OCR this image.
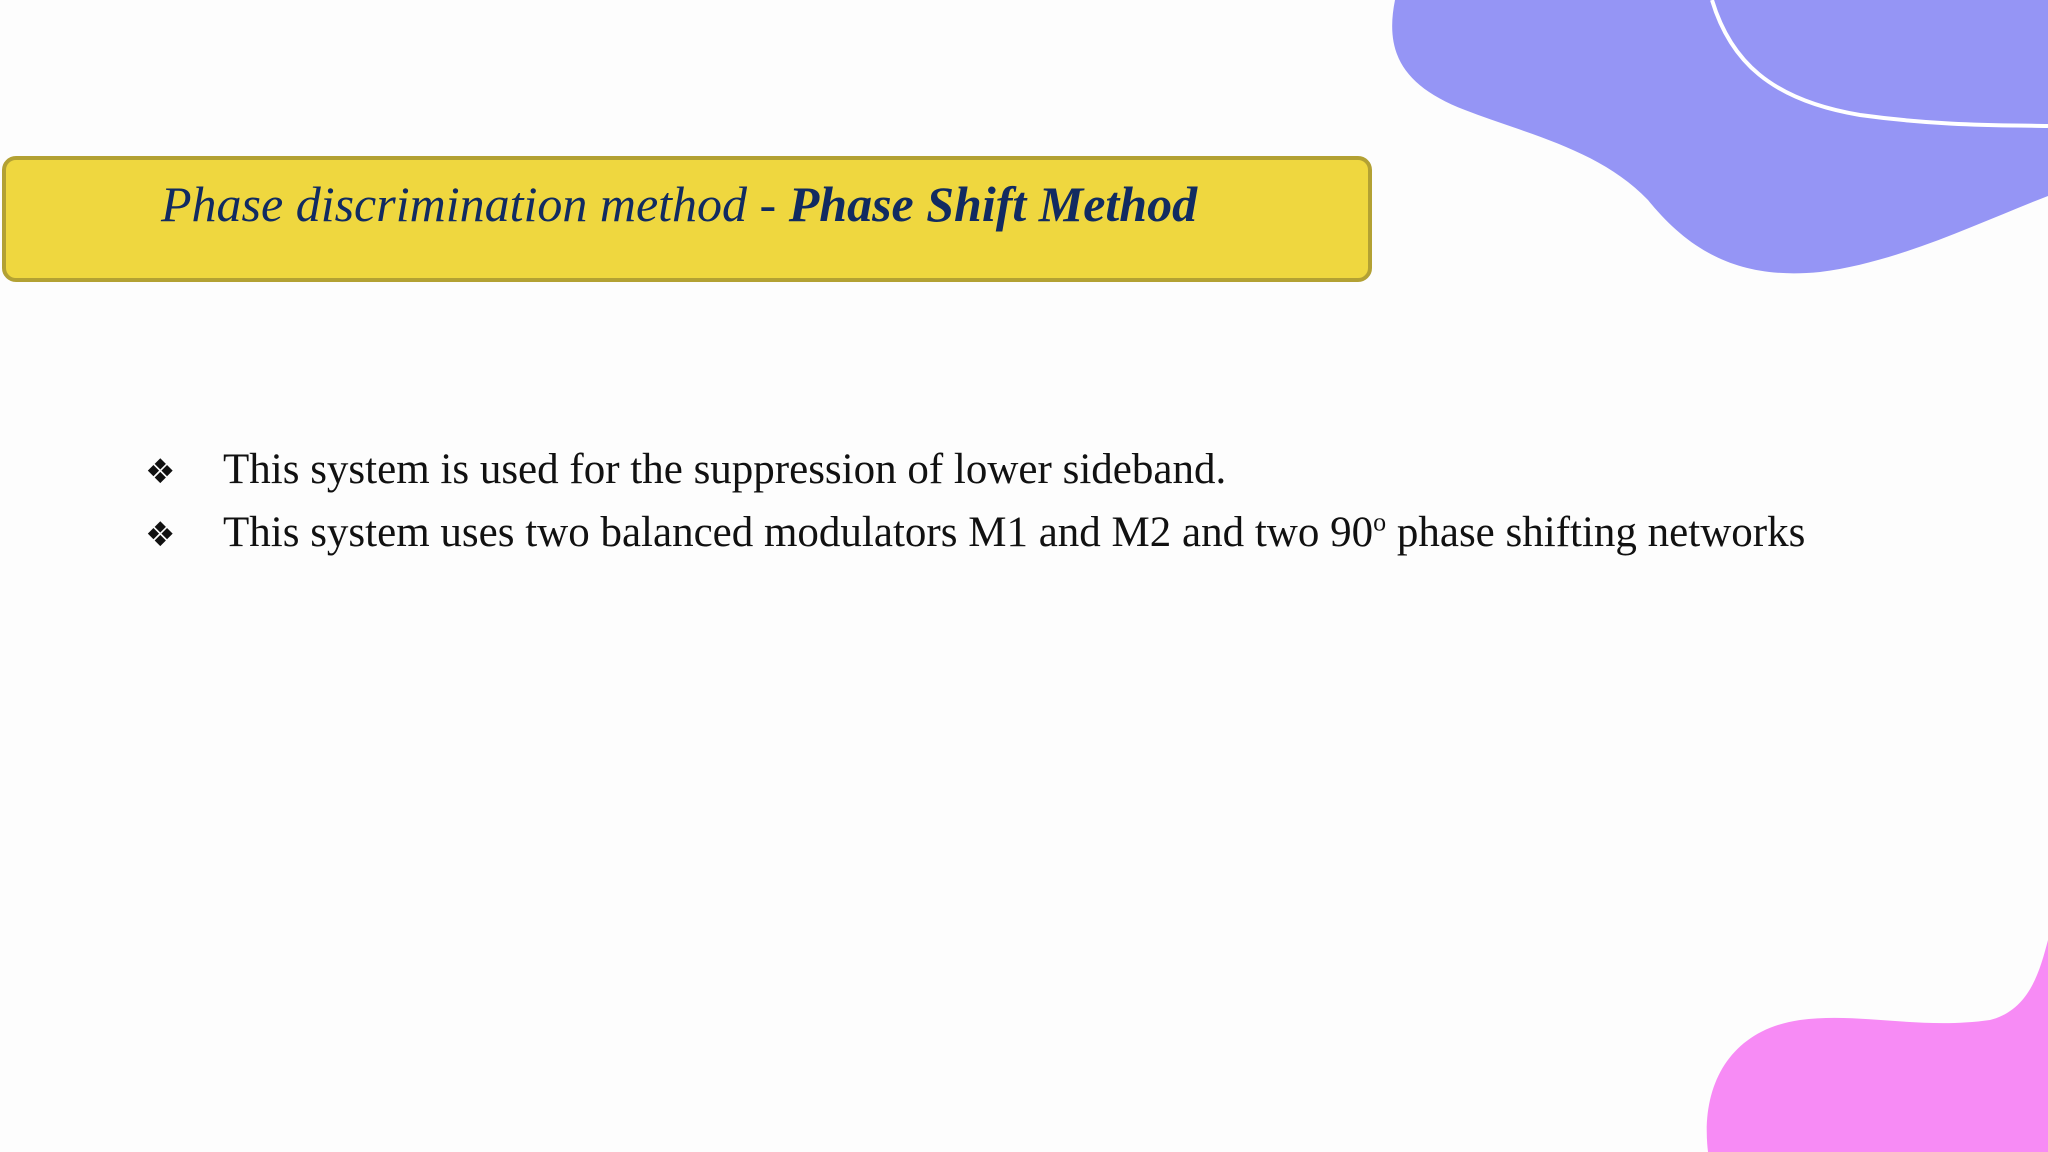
Phase discrimination method - Phase Shift Method
❖	This system is used for the suppression of lower sideband.
❖	This system uses two balanced modulators M1 and M2 and two 90$^o$ phase shifting networks
